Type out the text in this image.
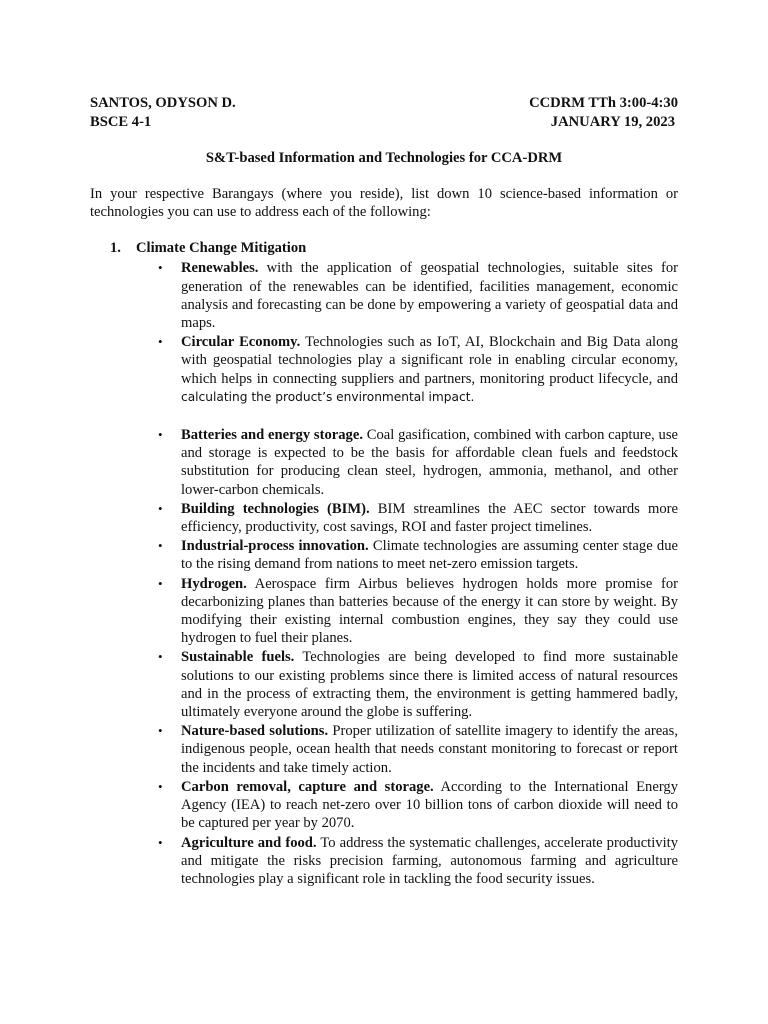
SANTOS, ODYSON D.	CCDRM TTh 3:00-4:30
BSCE 4-1	JANUARY 19, 2023
S&T-based Information and Technologies for CCA-DRM
In your respective Barangays (where you reside), list down 10 science-based information or technologies you can use to address each of the following:
1.	Climate Change Mitigation
• Renewables. with the application of geospatial technologies, suitable sites for generation of the renewables can be identified, facilities management, economic analysis and forecasting can be done by empowering a variety of geospatial data and maps.
• Circular Economy. Technologies such as IoT, AI, Blockchain and Big Data along with geospatial technologies play a significant role in enabling circular economy, which helps in connecting suppliers and partners, monitoring product lifecycle, and calculating the product’s environmental impact.
• Batteries and energy storage. Coal gasification, combined with carbon capture, use and storage is expected to be the basis for affordable clean fuels and feedstock substitution for producing clean steel, hydrogen, ammonia, methanol, and other lower-carbon chemicals.
• Building technologies (BIM). BIM streamlines the AEC sector towards more efficiency, productivity, cost savings, ROI and faster project timelines.
• Industrial-process innovation. Climate technologies are assuming center stage due to the rising demand from nations to meet net-zero emission targets.
• Hydrogen. Aerospace firm Airbus believes hydrogen holds more promise for decarbonizing planes than batteries because of the energy it can store by weight. By modifying their existing internal combustion engines, they say they could use hydrogen to fuel their planes.
• Sustainable fuels. Technologies are being developed to find more sustainable solutions to our existing problems since there is limited access of natural resources and in the process of extracting them, the environment is getting hammered badly, ultimately everyone around the globe is suffering.
• Nature-based solutions. Proper utilization of satellite imagery to identify the areas, indigenous people, ocean health that needs constant monitoring to forecast or report the incidents and take timely action.
• Carbon removal, capture and storage. According to the International Energy Agency (IEA) to reach net-zero over 10 billion tons of carbon dioxide will need to be captured per year by 2070.
• Agriculture and food. To address the systematic challenges, accelerate productivity and mitigate the risks precision farming, autonomous farming and agriculture technologies play a significant role in tackling the food security issues.
